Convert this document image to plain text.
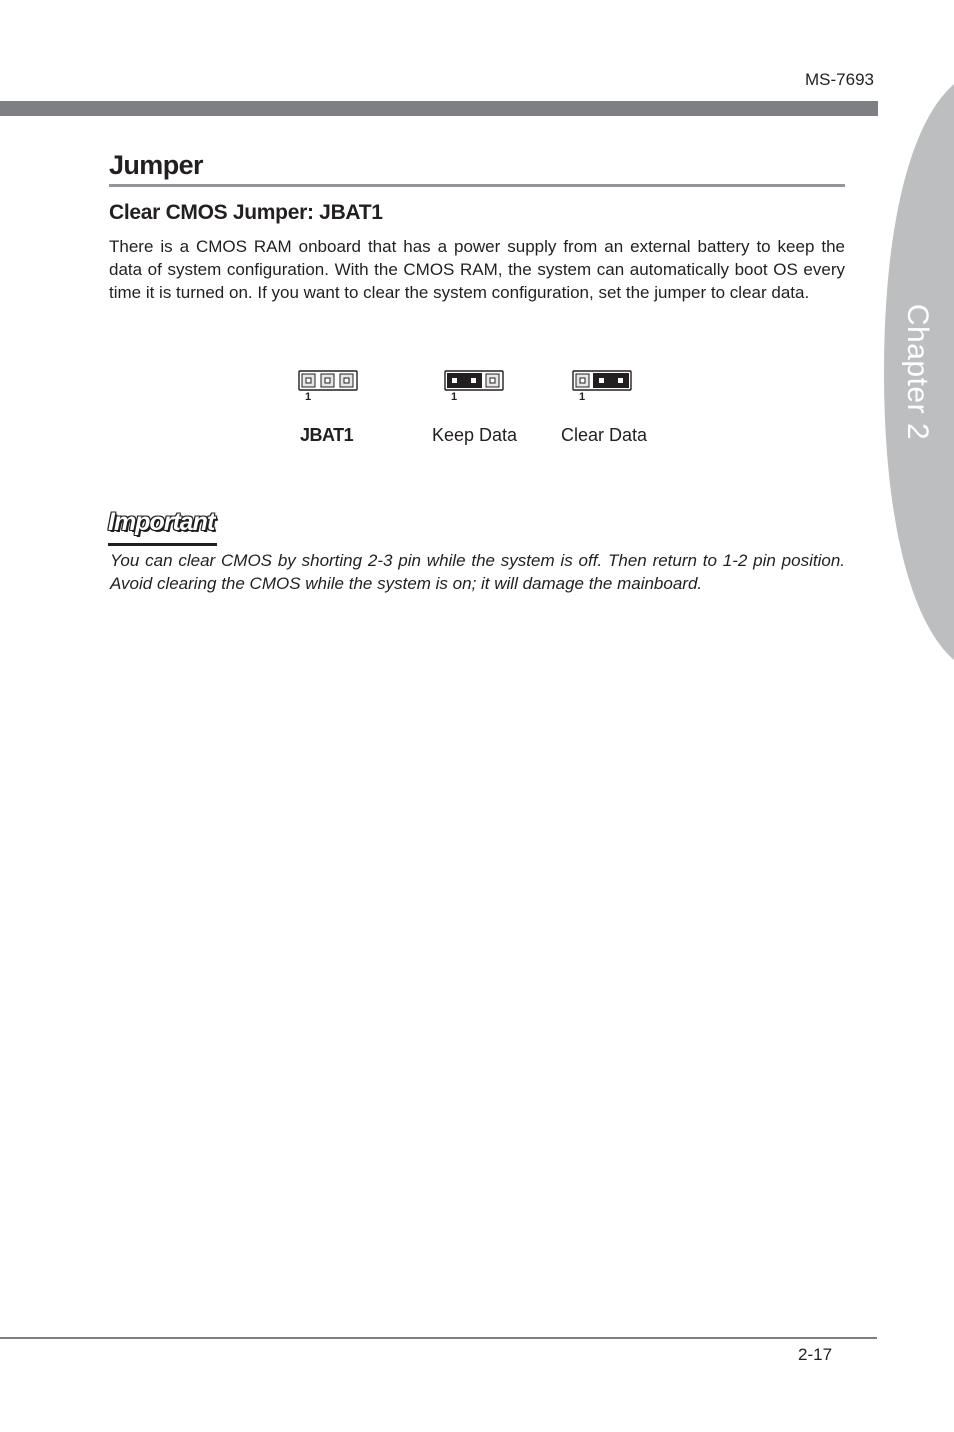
MS-7693
Chapter 2
Jumper
Clear CMOS Jumper: JBAT1

There is a CMOS RAM onboard that has a power supply from an external battery to keep the data of system configuration. With the CMOS RAM, the system can automatically boot OS every time it is turned on. If you want to clear the system configuration, set the jumper to clear data.

1	1	1
JBAT1	Keep Data Clear Data
Important

You can clear CMOS by shorting 2-3 pin while the system is off. Then return to 1-2 pin position. Avoid clearing the CMOS while the system is on; it will damage the mainboard.

2-17
